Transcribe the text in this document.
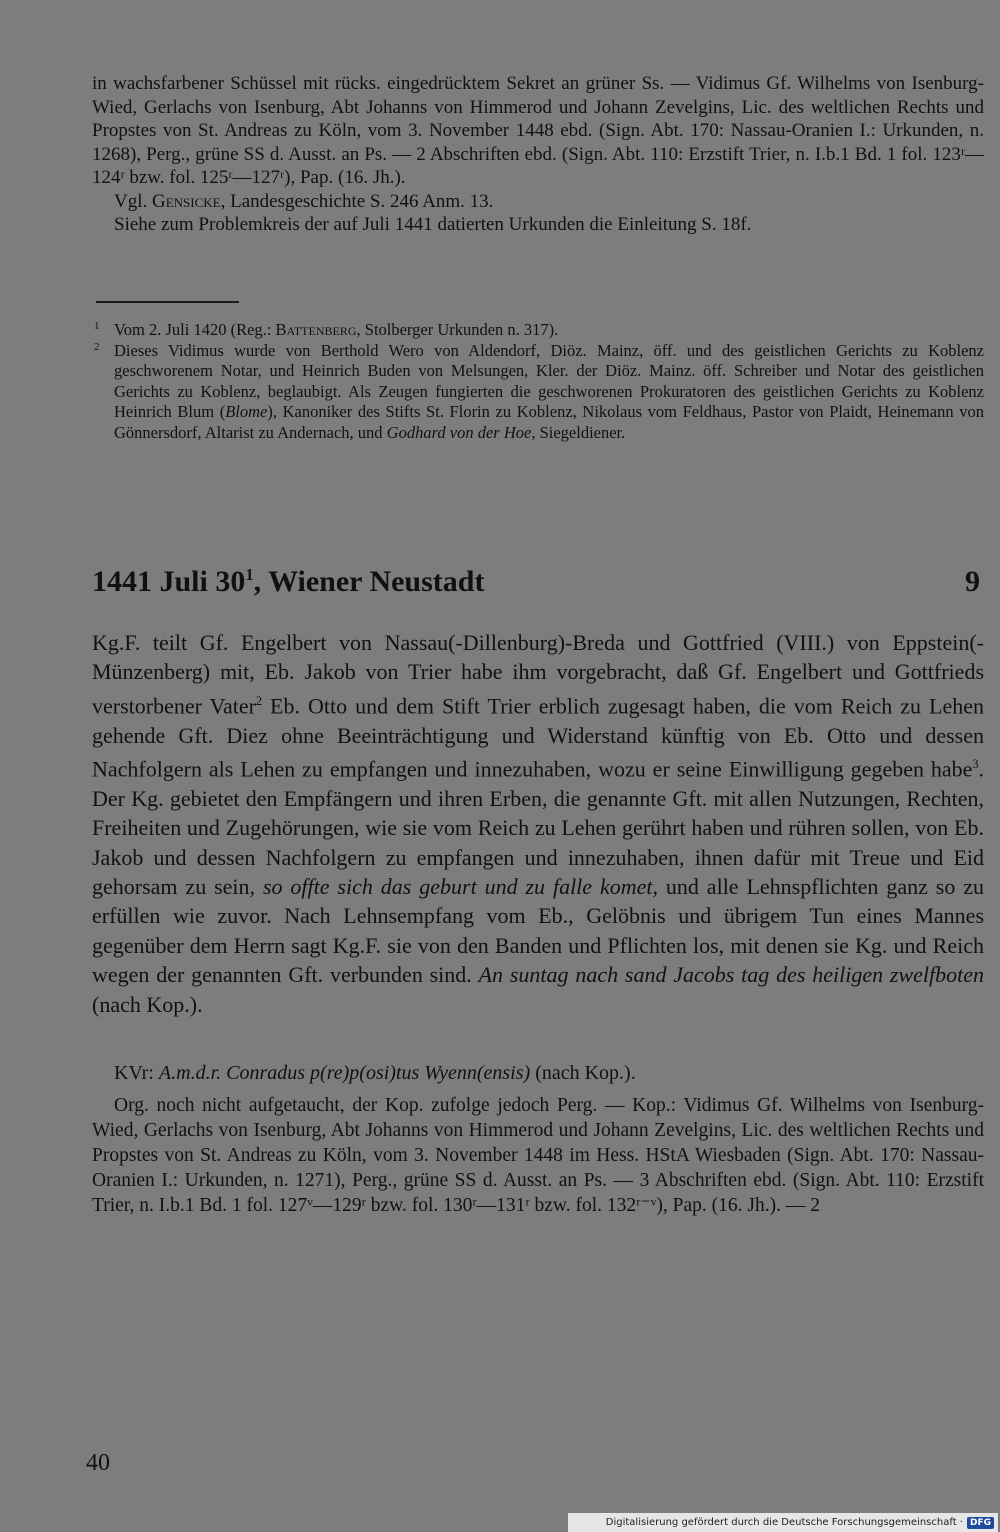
in wachsfarbener Schüssel mit rücks. eingedrücktem Sekret an grüner Ss. — Vidimus Gf. Wilhelms von Isenburg-Wied, Gerlachs von Isenburg, Abt Johanns von Himmerod und Johann Zevelgins, Lic. des weltlichen Rechts und Propstes von St. Andreas zu Köln, vom 3. November 1448 ebd. (Sign. Abt. 170: Nassau-Oranien I.: Urkunden, n. 1268), Perg., grüne SS d. Ausst. an Ps. — 2 Abschriften ebd. (Sign. Abt. 110: Erzstift Trier, n. I.b.1 Bd. 1 fol. 123ʳ—124ʳ bzw. fol. 125ʳ—127ʳ), Pap. (16. Jh.).

Vgl. Gensicke, Landesgeschichte S. 246 Anm. 13.

Siehe zum Problemkreis der auf Juli 1441 datierten Urkunden die Einleitung S. 18f.

1 Vom 2. Juli 1420 (Reg.: Battenberg, Stolberger Urkunden n. 317).

2 Dieses Vidimus wurde von Berthold Wero von Aldendorf, Diöz. Mainz, öff. und des geistlichen Gerichts zu Koblenz geschworenem Notar, und Heinrich Buden von Melsungen, Kler. der Diöz. Mainz. öff. Schreiber und Notar des geistlichen Gerichts zu Koblenz, beglaubigt. Als Zeugen fungierten die geschworenen Prokuratoren des geistlichen Gerichts zu Koblenz Heinrich Blum (Blome), Kanoniker des Stifts St. Florin zu Koblenz, Nikolaus vom Feldhaus, Pastor von Plaidt, Heinemann von Gönnersdorf, Altarist zu Andernach, und Godhard von der Hoe, Siegeldiener.

1441 Juli $30^1$, Wiener Neustadt	9

Kg.F. teilt Gf. Engelbert von Nassau(-Dillenburg)-Breda und Gottfried (VIII.) von Eppstein(-Münzenberg) mit, Eb. Jakob von Trier habe ihm vorgebracht, daß Gf. Engelbert und Gottfrieds verstorbener Vater$^2$ Eb. Otto und dem Stift Trier erblich zugesagt haben, die vom Reich zu Lehen gehende Gft. Diez ohne Beeinträchtigung und Widerstand künftig von Eb. Otto und dessen Nachfolgern als Lehen zu empfangen und innezuhaben, wozu er seine Einwilligung gegeben habe$^3$. Der Kg. gebietet den Empfängern und ihren Erben, die genannte Gft. mit allen Nutzungen, Rechten, Freiheiten und Zugehörungen, wie sie vom Reich zu Lehen gerührt haben und rühren sollen, von Eb. Jakob und dessen Nachfolgern zu empfangen und innezuhaben, ihnen dafür mit Treue und Eid gehorsam zu sein, so offte sich das geburt und zu falle komet, und alle Lehnspflichten ganz so zu erfüllen wie zuvor. Nach Lehnsempfang vom Eb., Gelöbnis und übrigem Tun eines Mannes gegenüber dem Herrn sagt Kg.F. sie von den Banden und Pflichten los, mit denen sie Kg. und Reich wegen der genannten Gft. verbunden sind. An suntag nach sand Jacobs tag des heiligen zwelfboten (nach Kop.).

KVr: A.m.d.r. Conradus p(re)p(osi)tus Wyenn(ensis) (nach Kop.).

Org. noch nicht aufgetaucht, der Kop. zufolge jedoch Perg. — Kop.: Vidimus Gf. Wilhelms von Isenburg-Wied, Gerlachs von Isenburg, Abt Johanns von Himmerod und Johann Zevelgins, Lic. des weltlichen Rechts und Propstes von St. Andreas zu Köln, vom 3. November 1448 im Hess. HStA Wiesbaden (Sign. Abt. 170: Nassau-Oranien I.: Urkunden, n. 1271), Perg., grüne SS d. Ausst. an Ps. — 3 Abschriften ebd. (Sign. Abt. 110: Erzstift Trier, n. I.b.1 Bd. 1 fol. 127ᵛ—129ʳ bzw. fol. 130ʳ—131ʳ bzw. fol. 132ʳ⁻ᵛ), Pap. (16. Jh.). — 2

40
Digitalisierung gefördert durch die Deutsche Forschungsgemeinschaft · DFG
